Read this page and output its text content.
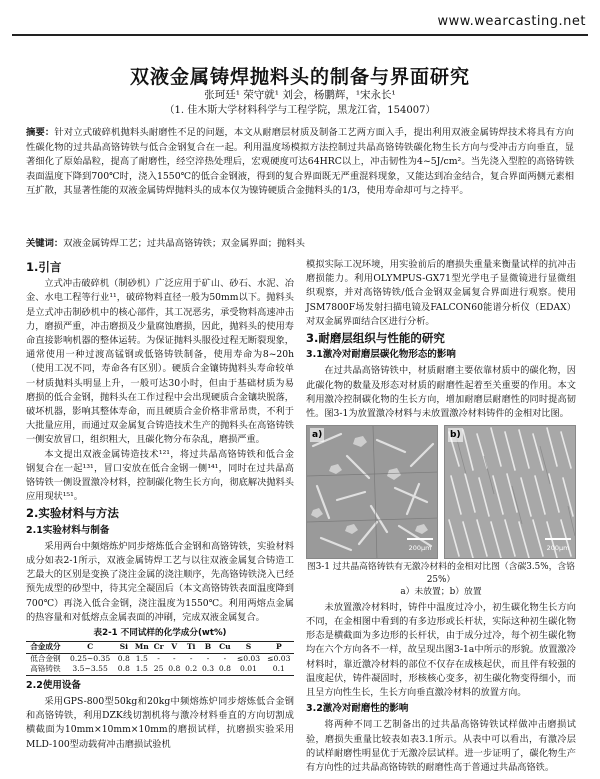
www.wearcasting.net
双液金属铸焊抛料头的制备与界面研究
张珂廷¹ 荣守就¹ 刘会，杨鹏辉，¹宋永长¹
（1. 佳木斯大学材料科学与工程学院，黑龙江省，154007）
摘要：针对立式破碎机抛料头耐磨性不足的问题，本文从耐磨层材质及制备工艺两方面入手，提出利用双液金属铸焊技术将具有方向性碳化物的过共晶高铬铸铁与低合金钢复合在一起。利用温度场模拟方法控制过共晶高铬铸铁碳化物生长方向与受冲击方向垂直，显著细化了原始晶粒，提高了耐磨性，经空淬热处理后，宏观硬度可达64HRC以上，冲击韧性为4~5J/cm²。当先浇入型腔的高铬铸铁表面温度下降到700℃时，浇入1550℃的低合金钢液，得到的复合界面既无严重混料现象，又能达到冶金结合，复合界面两侧元素相互扩散，其显著性能的双液金属铸焊抛料头的成本仅为镍铸硬质合金抛料头的1/3，使用寿命却可与之持平。
关键词：双液金属铸焊工艺；过共晶高铬铸铁；双金属界面；抛料头
1.引言

立式冲击破碎机（制砂机）广泛应用于矿山、砂石、水泥、冶金、水电工程等行业¹¹，破碎物料直径一般为50mm以下。抛料头是立式冲击制砂机中的核心部件，其工况恶劣，承受物料高速冲击力，磨损严重，冲击磨损及少量腐蚀磨损，因此，抛料头的使用寿命直接影响机器的整体运转。为保证抛料头服役过程无断裂现象，通常使用一种过渡高锰钢或低铬铸铁制备，使用寿命为8~20h（使用工况不同，寿命各有区别）。硬质合金镶铸抛料头寿命较单一材质抛料头明显上升，一般可达30小时，但由于基础材质为易磨损的低合金钢，抛料头在工作过程中会出现硬质合金镶块脱落，破坏机器，影响其整体寿命，而且硬质合金价格非常昂贵，不利于大批量应用，而通过双金属复合铸造技术生产的抛料头在高铬铸铁一侧安放冒口，组织粗大，且碳化物分布杂乱，磨损严重。

本文提出双液金属铸造技术¹²¹，将过共晶高铬铸铁和低合金钢复合在一起¹³¹，冒口安放在低合金钢一侧¹⁴¹，同时在过共晶高铬铸铁一侧设置激冷材料，控制碳化物生长方向，彻底解决抛料头应用现状¹⁵¹。

2.实验材料与方法
2.1实验材料与制备

采用两台中频熔炼炉同步熔炼低合金钢和高铬铸铁，实验材料成分如表2-1所示，双液金属铸焊工艺与以往双液金属复合铸造工艺最大的区别是变换了浇注金属的浇注顺序，先高铬铸铁浇入已经预先成型的砂型中，待其完全凝固后（本文高铬铸铁表面温度降到700℃）再浇入低合金钢，浇注温度为1550℃。利用两熔点金属的热容量和对低熔点金属表面的冲刷，完成双液金属复合。

表2-1 不同试样的化学成分(wt%)
合金成分	C	Si	Mn	Cr	V	Ti	B	Cu	S	P
低合金钢	0.25~0.35	0.8	1.5	-	-	-	-	-	≤0.03	≤0.03
高铬铸铁	3.5~3.55	0.8	1.5	25	0.8	0.2	0.3	0.8	0.01	0.1
2.2使用设备

采用GPS-800型50kg和20kg中频熔炼炉同步熔炼低合金钢和高铬铸铁，利用DZK线切割机将与激冷材料垂直的方向切割成横截面为10mm×10mm×10mm的磨损试样，抗磨损实验采用MLD-100型动载荷冲击磨损试验机

模拟实际工况环境，用实验前后的磨损失重量来衡量试样的抗冲击磨损能力。利用OLYMPUS-GX71型光学电子显微镜进行显微组织观察，并对高铬铸铁/低合金钢双金属复合界面进行观察。使用JSM7800F场发射扫描电镜及FALCON60能谱分析仪（EDAX）对双金属界面结合区进行分析。

3.耐磨层组织与性能的研究
3.1激冷对耐磨层碳化物形态的影响

在过共晶高铬铸铁中，材质耐磨主要依靠材质中的碳化物，因此碳化物的数量及形态对材质的耐磨性起着至关重要的作用。本文利用激冷控制碳化物的生长方向，增加耐磨层耐磨性的同时提高韧性。图3-1为放置激冷材料与未放置激冷材料铸件的金相对比图。

a)
200μm
b)
200μm
图3-1 过共晶高铬铸铁有无激冷材料的金相对比图（含碳3.5%，含铬25%）
a）未放置；b）放置

未放置激冷材料时，铸件中温度过冷小，初生碳化物生长方向不同，在金相图中看到的有多边形或长杆状，实际这种初生碳化物形态是横截面为多边形的长杆状，由于成分过冷，每个初生碳化物均在六个方向各不一样，故呈现出图3-1a中所示的形貌。放置激冷材料时，靠近激冷材料的部位不仅存在成核起伏，而且伴有较强的温度起伏，铸件凝固时，形核核心变多，初生碳化物变得细小，而且呈方向性生长，生长方向垂直激冷材料的放置方向。

3.2激冷对耐磨性的影响

将两种不同工艺制备出的过共晶高铬铸铁试样做冲击磨损试验，磨损失重量比较表如表3.1所示。从表中可以看出，有激冷层的试样耐磨性明显优于无激冷层试样。进一步证明了，碳化物生产有方向性的过共晶高铬铸铁的耐磨性高于普通过共晶高铬铁。
